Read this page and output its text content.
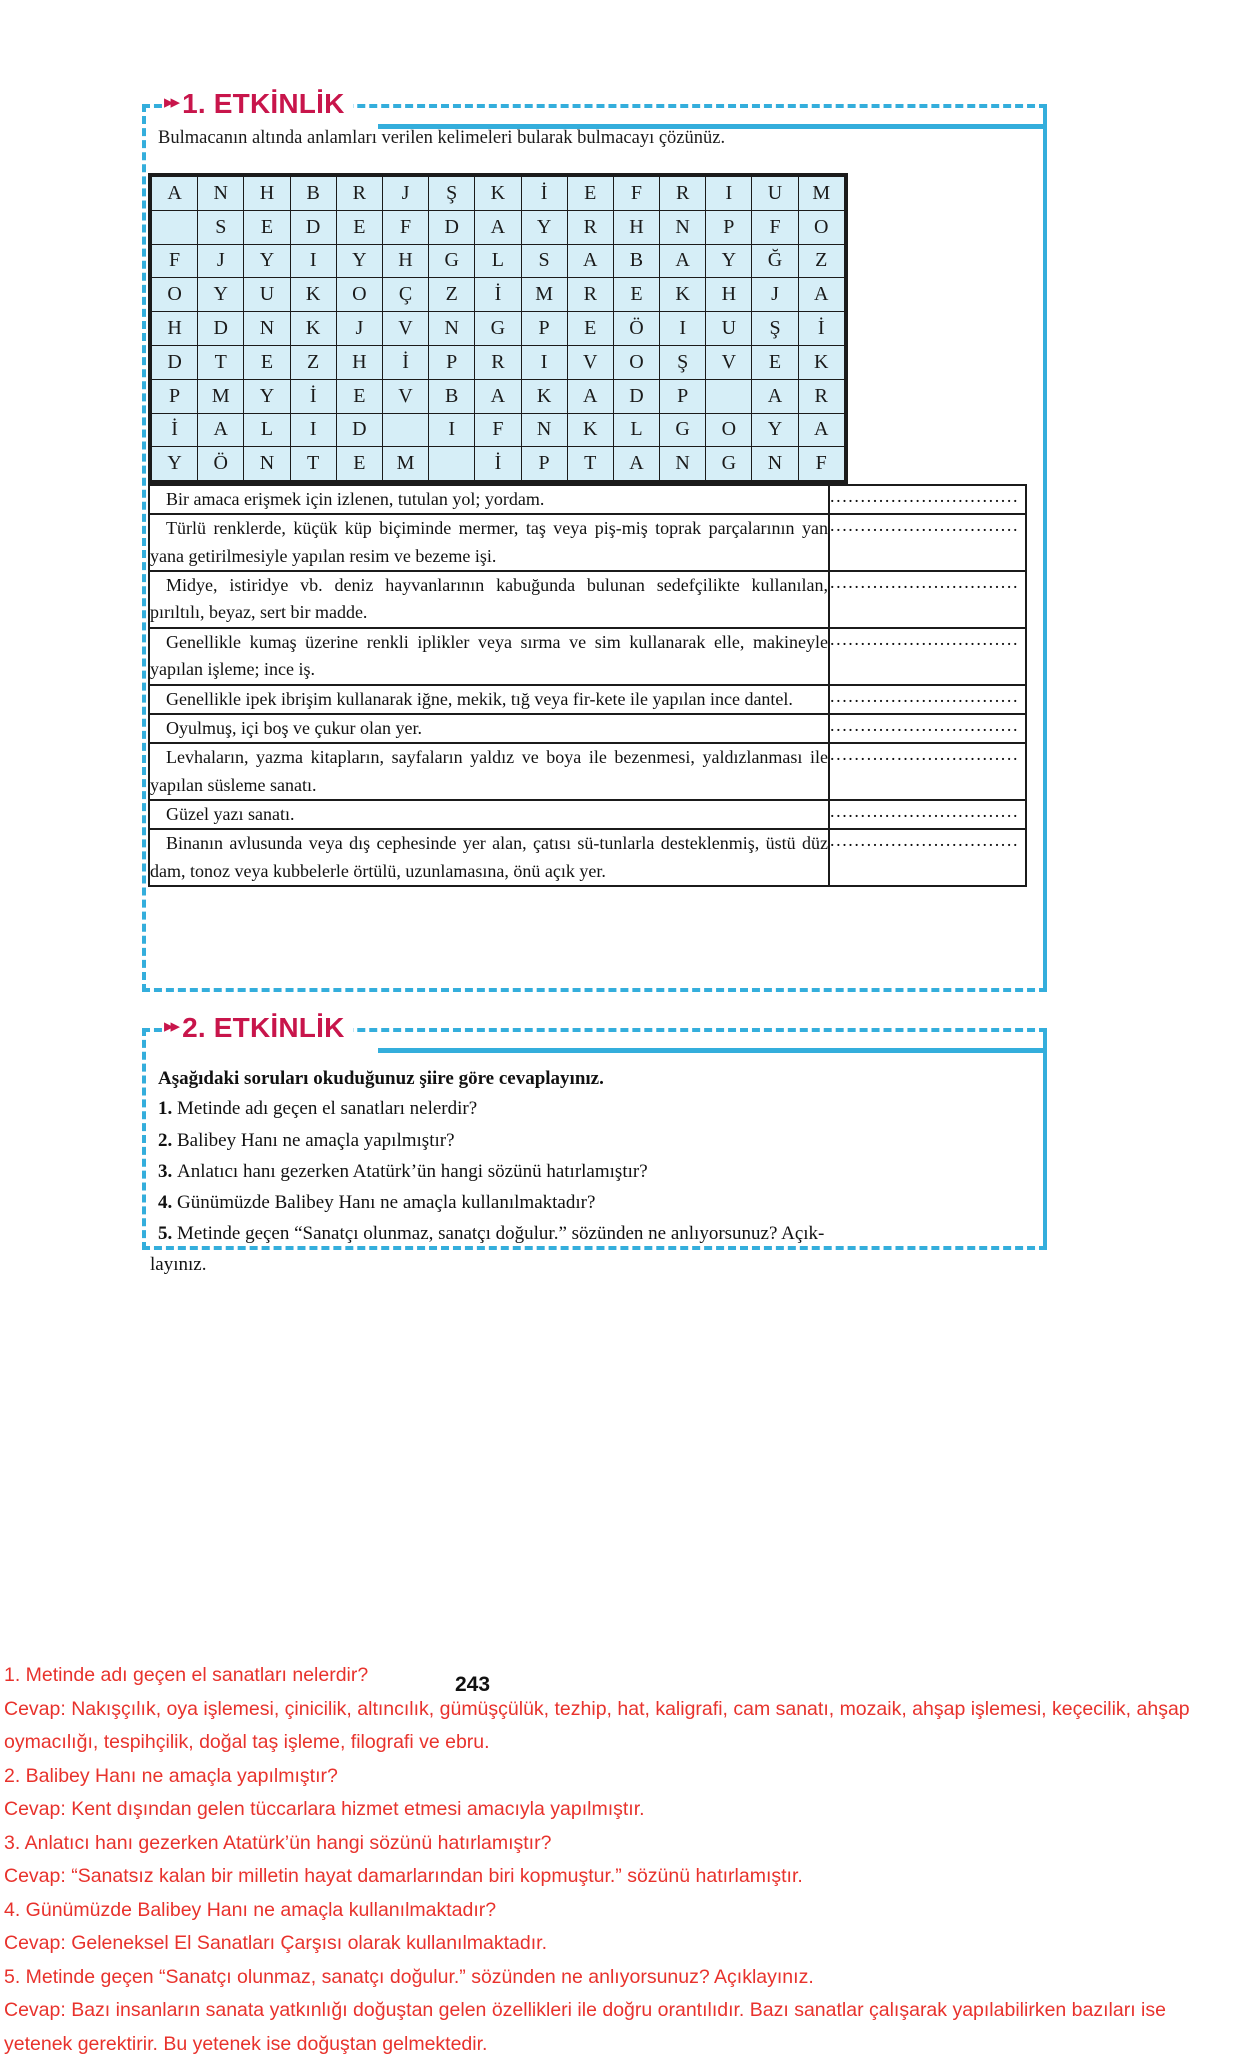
▸▸ 1. ETKİNLİK
Bulmacanın altında anlamları verilen kelimeleri bularak bulmacayı çözünüz.
A	N	H	B	R	J	Ş	K	İ	E	F	R	I	U	M
	S	E	D	E	F	D	A	Y	R	H	N	P	F	O
F	J	Y	I	Y	H	G	L	S	A	B	A	Y	Ğ	Z
O	Y	U	K	O	Ç	Z	İ	M	R	E	K	H	J	A
H	D	N	K	J	V	N	G	P	E	Ö	I	U	Ş	İ
D	T	E	Z	H	İ	P	R	I	V	O	Ş	V	E	K
P	M	Y	İ	E	V	B	A	K	A	D	P		A	R
İ	A	L	I	D		I	F	N	K	L	G	O	Y	A
Y	Ö	N	T	E	M		İ	P	T	A	N	G	N	F
Bir amaca erişmek için izlenen, tutulan yol; yordam.	...............................
Türlü renklerde, küçük küp biçiminde mermer, taş veya piş-miş toprak parçalarının yan yana getirilmesiyle yapılan resim ve bezeme işi.	...............................
Midye, istiridye vb. deniz hayvanlarının kabuğunda bulunan sedefçilikte kullanılan, pırıltılı, beyaz, sert bir madde.	...............................
Genellikle kumaş üzerine renkli iplikler veya sırma ve sim kullanarak elle, makineyle yapılan işleme; ince iş.	...............................
Genellikle ipek ibrişim kullanarak iğne, mekik, tığ veya fir-kete ile yapılan ince dantel.	...............................
Oyulmuş, içi boş ve çukur olan yer.	...............................
Levhaların, yazma kitapların, sayfaların yaldız ve boya ile bezenmesi, yaldızlanması ile yapılan süsleme sanatı.	...............................
Güzel yazı sanatı.	...............................
Binanın avlusunda veya dış cephesinde yer alan, çatısı sü-tunlarla desteklenmiş, üstü düz dam, tonoz veya kubbelerle örtülü, uzunlamasına, önü açık yer.	...............................
▸▸ 2. ETKİNLİK
Aşağıdaki soruları okuduğunuz şiire göre cevaplayınız.
1. Metinde adı geçen el sanatları nelerdir?
2. Balibey Hanı ne amaçla yapılmıştır?
3. Anlatıcı hanı gezerken Atatürk’ün hangi sözünü hatırlamıştır?
4. Günümüzde Balibey Hanı ne amaçla kullanılmaktadır?
5. Metinde geçen “Sanatçı olunmaz, sanatçı doğulur.” sözünden ne anlıyorsunuz? Açık-
layınız.
243
1. Metinde adı geçen el sanatları nelerdir?
Cevap: Nakışçılık, oya işlemesi, çinicilik, altıncılık, gümüşçülük, tezhip, hat, kaligrafi, cam sanatı, mozaik, ahşap işlemesi, keçecilik, ahşap oymacılığı, tespihçilik, doğal taş işleme, filografi ve ebru.
2. Balibey Hanı ne amaçla yapılmıştır?
Cevap: Kent dışından gelen tüccarlara hizmet etmesi amacıyla yapılmıştır.
3. Anlatıcı hanı gezerken Atatürk’ün hangi sözünü hatırlamıştır?
Cevap: “Sanatsız kalan bir milletin hayat damarlarından biri kopmuştur.” sözünü hatırlamıştır.
4. Günümüzde Balibey Hanı ne amaçla kullanılmaktadır?
Cevap: Geleneksel El Sanatları Çarşısı olarak kullanılmaktadır.
5. Metinde geçen “Sanatçı olunmaz, sanatçı doğulur.” sözünden ne anlıyorsunuz? Açıklayınız.
Cevap: Bazı insanların sanata yatkınlığı doğuştan gelen özellikleri ile doğru orantılıdır. Bazı sanatlar çalışarak yapılabilirken bazıları ise yetenek gerektirir. Bu yetenek ise doğuştan gelmektedir.
